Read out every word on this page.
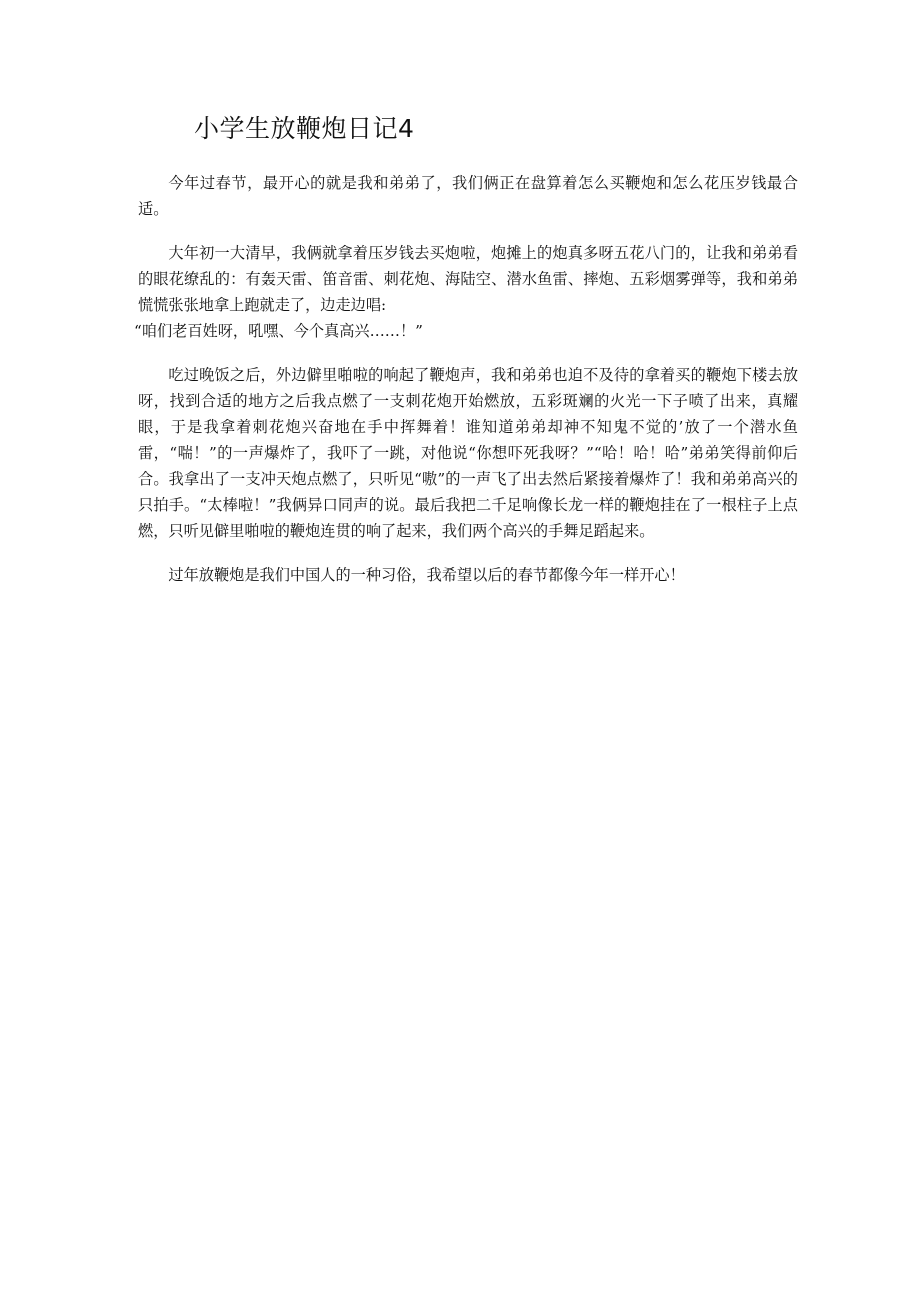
小学生放鞭炮日记4

今年过春节，最开心的就是我和弟弟了，我们俩正在盘算着怎么买鞭炮和怎么花压岁钱最合适。

大年初一大清早，我俩就拿着压岁钱去买炮啦，炮摊上的炮真多呀五花八门的，让我和弟弟看的眼花缭乱的：有轰天雷、笛音雷、刺花炮、海陆空、潜水鱼雷、摔炮、五彩烟雾弹等，我和弟弟慌慌张张地拿上跑就走了，边走边唱:

“咱们老百姓呀，吼嘿、今个真高兴……！”

吃过晚饭之后，外边僻里啪啦的响起了鞭炮声，我和弟弟也迫不及待的拿着买的鞭炮下楼去放呀，找到合适的地方之后我点燃了一支刺花炮开始燃放，五彩斑斓的火光一下子喷了出来，真耀眼，于是我拿着刺花炮兴奋地在手中挥舞着！谁知道弟弟却神不知鬼不觉的’放了一个潜水鱼雷，“喘！”的一声爆炸了，我吓了一跳，对他说“你想吓死我呀？”“哈！哈！哈”弟弟笑得前仰后合。我拿出了一支冲天炮点燃了，只听见“嗷”的一声飞了出去然后紧接着爆炸了！我和弟弟高兴的只拍手。“太棒啦！”我俩异口同声的说。最后我把二千足响像长龙一样的鞭炮挂在了一根柱子上点燃，只听见僻里啪啦的鞭炮连贯的响了起来，我们两个高兴的手舞足蹈起来。

过年放鞭炮是我们中国人的一种习俗，我希望以后的春节都像今年一样开心！
